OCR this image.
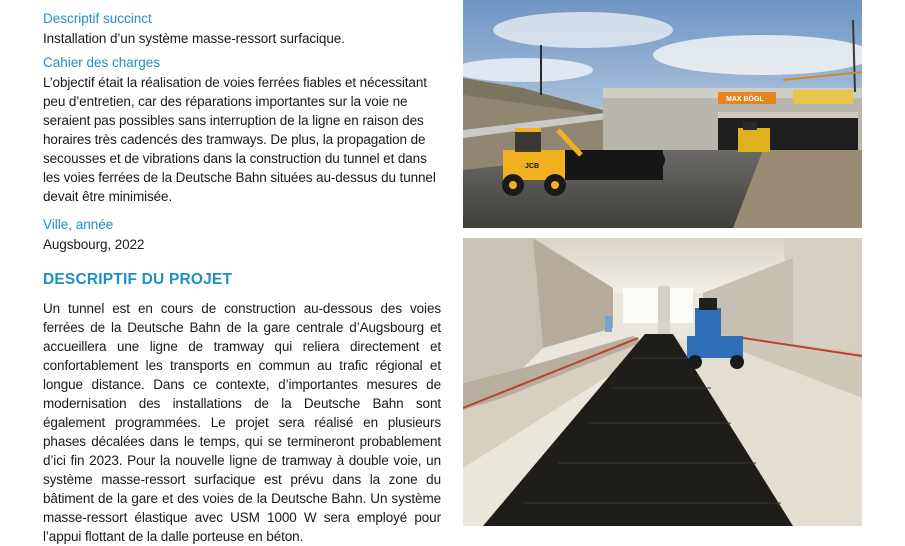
Descriptif succinct

Installation d’un système masse-ressort surfacique.

Cahier des charges

L’objectif était la réalisation de voies ferrées fiables et nécessitant peu d’entretien, car des réparations importantes sur la voie ne seraient pas possibles sans interruption de la ligne en raison des horaires très cadencés des tramways. De plus, la propagation de secousses et de vibrations dans la construction du tunnel et dans les voies ferrées de la Deutsche Bahn situées au-dessus du tunnel devait être minimisée.

Ville, année

Augsbourg, 2022

DESCRIPTIF DU PROJET

Un tunnel est en cours de construction au-dessous des voies ferrées de la Deutsche Bahn de la gare centrale d’Augsbourg et accueillera une ligne de tramway qui reliera directement et confortablement les transports en commun au trafic régional et longue distance. Dans ce contexte, d’importantes mesures de modernisation des installations de la Deutsche Bahn sont également programmées. Le projet sera réalisé en plusieurs phases décalées dans le temps, qui se termineront probablement d’ici fin 2023. Pour la nouvelle ligne de tramway à double voie, un système masse-ressort surfacique est prévu dans la zone du bâtiment de la gare et des voies de la Deutsche Bahn. Un système masse-ressort élastique avec USM 1000 W sera employé pour l’appui flottant de la dalle porteuse en béton.

MAX BÖGL
JCB
